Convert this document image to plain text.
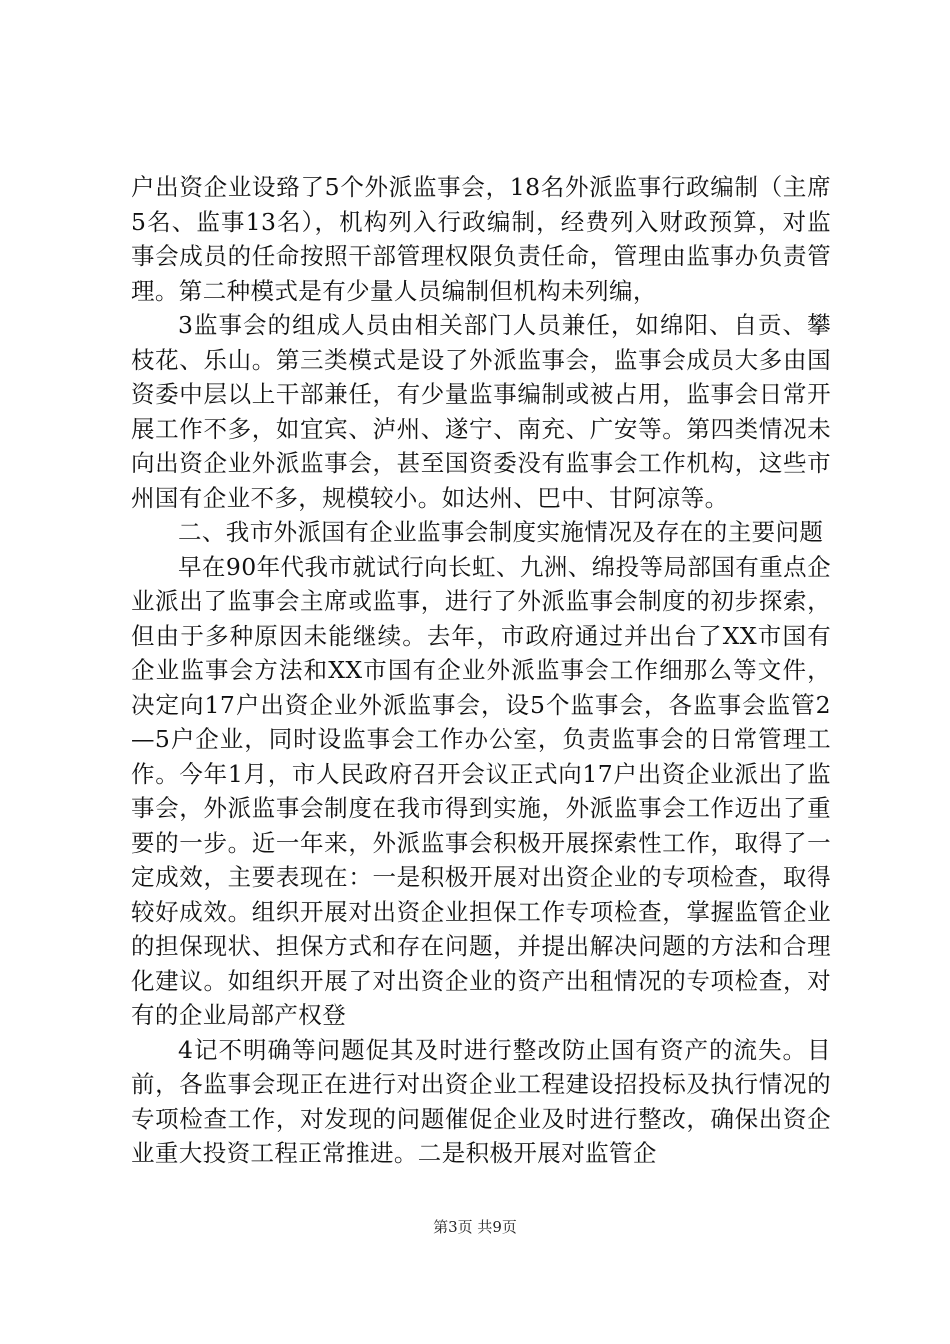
户出资企业设臵了5个外派监事会，18名外派监事行政编制（主席5名、监事13名），机构列入行政编制，经费列入财政预算，对监事会成员的任命按照干部管理权限负责任命，管理由监事办负责管理。第二种模式是有少量人员编制但机构未列编，

3监事会的组成人员由相关部门人员兼任，如绵阳、自贡、攀枝花、乐山。第三类模式是设了外派监事会，监事会成员大多由国资委中层以上干部兼任，有少量监事编制或被占用，监事会日常开展工作不多，如宜宾、泸州、遂宁、南充、广安等。第四类情况未向出资企业外派监事会，甚至国资委没有监事会工作机构，这些市州国有企业不多，规模较小。如达州、巴中、甘阿凉等。

二、我市外派国有企业监事会制度实施情况及存在的主要问题

早在90年代我市就试行向长虹、九洲、绵投等局部国有重点企业派出了监事会主席或监事，进行了外派监事会制度的初步探索，但由于多种原因未能继续。去年，市政府通过并出台了XX市国有企业监事会方法和XX市国有企业外派监事会工作细那么等文件，决定向17户出资企业外派监事会，设5个监事会，各监事会监管2—5户企业，同时设监事会工作办公室，负责监事会的日常管理工作。今年1月，市人民政府召开会议正式向17户出资企业派出了监事会，外派监事会制度在我市得到实施，外派监事会工作迈出了重要的一步。近一年来，外派监事会积极开展探索性工作，取得了一定成效，主要表现在：一是积极开展对出资企业的专项检查，取得较好成效。组织开展对出资企业担保工作专项检查，掌握监管企业的担保现状、担保方式和存在问题，并提出解决问题的方法和合理化建议。如组织开展了对出资企业的资产出租情况的专项检查，对有的企业局部产权登

4记不明确等问题促其及时进行整改防止国有资产的流失。目前，各监事会现正在进行对出资企业工程建设招投标及执行情况的专项检查工作，对发现的问题催促企业及时进行整改，确保出资企业重大投资工程正常推进。二是积极开展对监管企

第3页 共9页
